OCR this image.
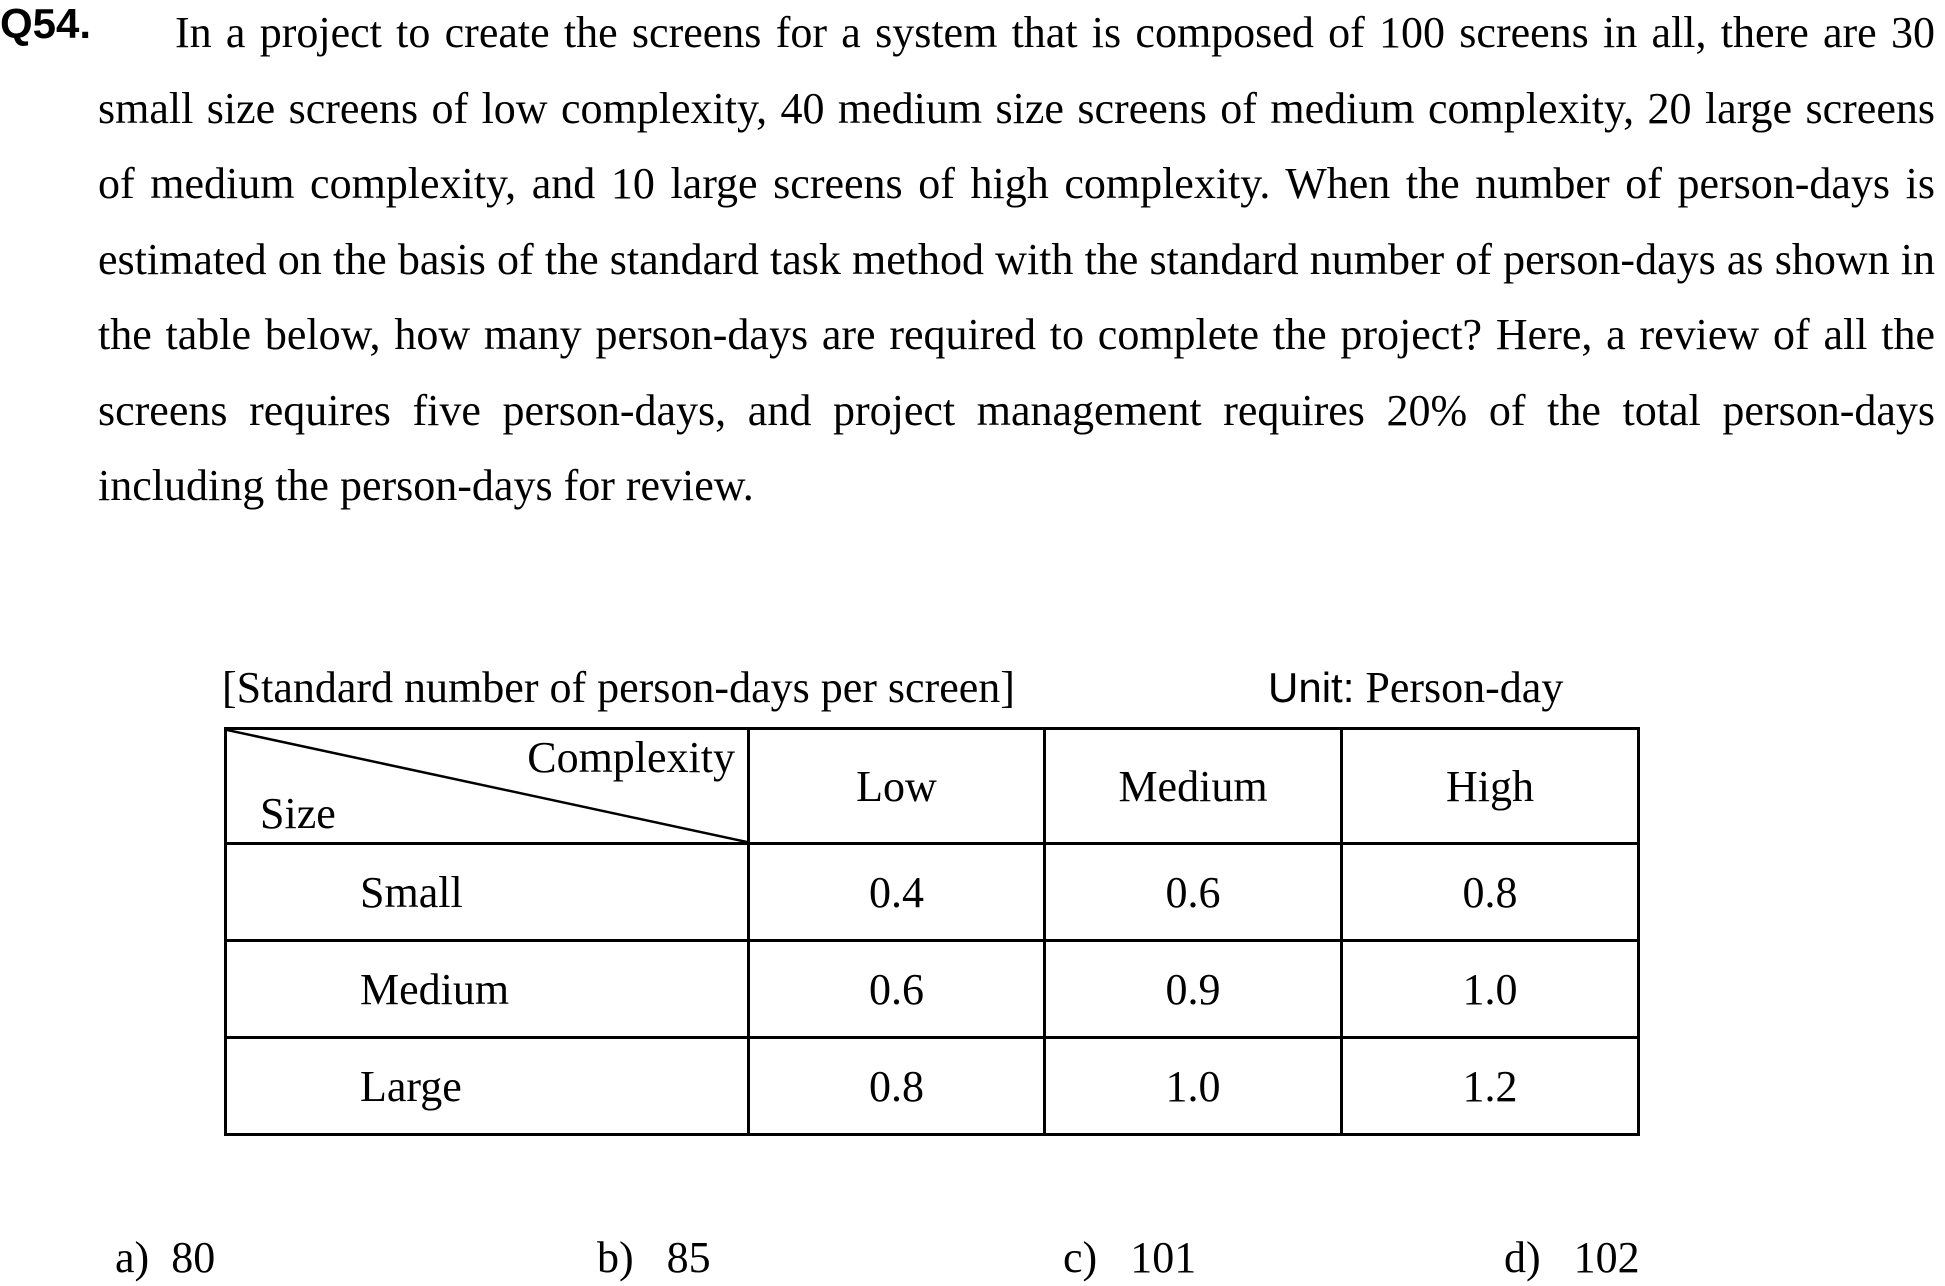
Q54.	In a project to create the screens for a system that is composed of 100 screens in all, there are 30 small size screens of low complexity, 40 medium size screens of medium complexity, 20 large screens of medium complexity, and 10 large screens of high complexity. When the number of person-days is estimated on the basis of the standard task method with the standard number of person-days as shown in the table below, how many person-days are required to complete the project? Here, a review of all the screens requires five person-days, and project management requires 20% of the total person-days including the person-days for review.
[Standard number of person-days per screen]	Unit: Person-day
Complexity
Size	Low	Medium	High
Small	0.4	0.6	0.8
Medium	0.6	0.9	1.0
Large	0.8	1.0	1.2
a) 80	b) 85	c) 101	d) 102
